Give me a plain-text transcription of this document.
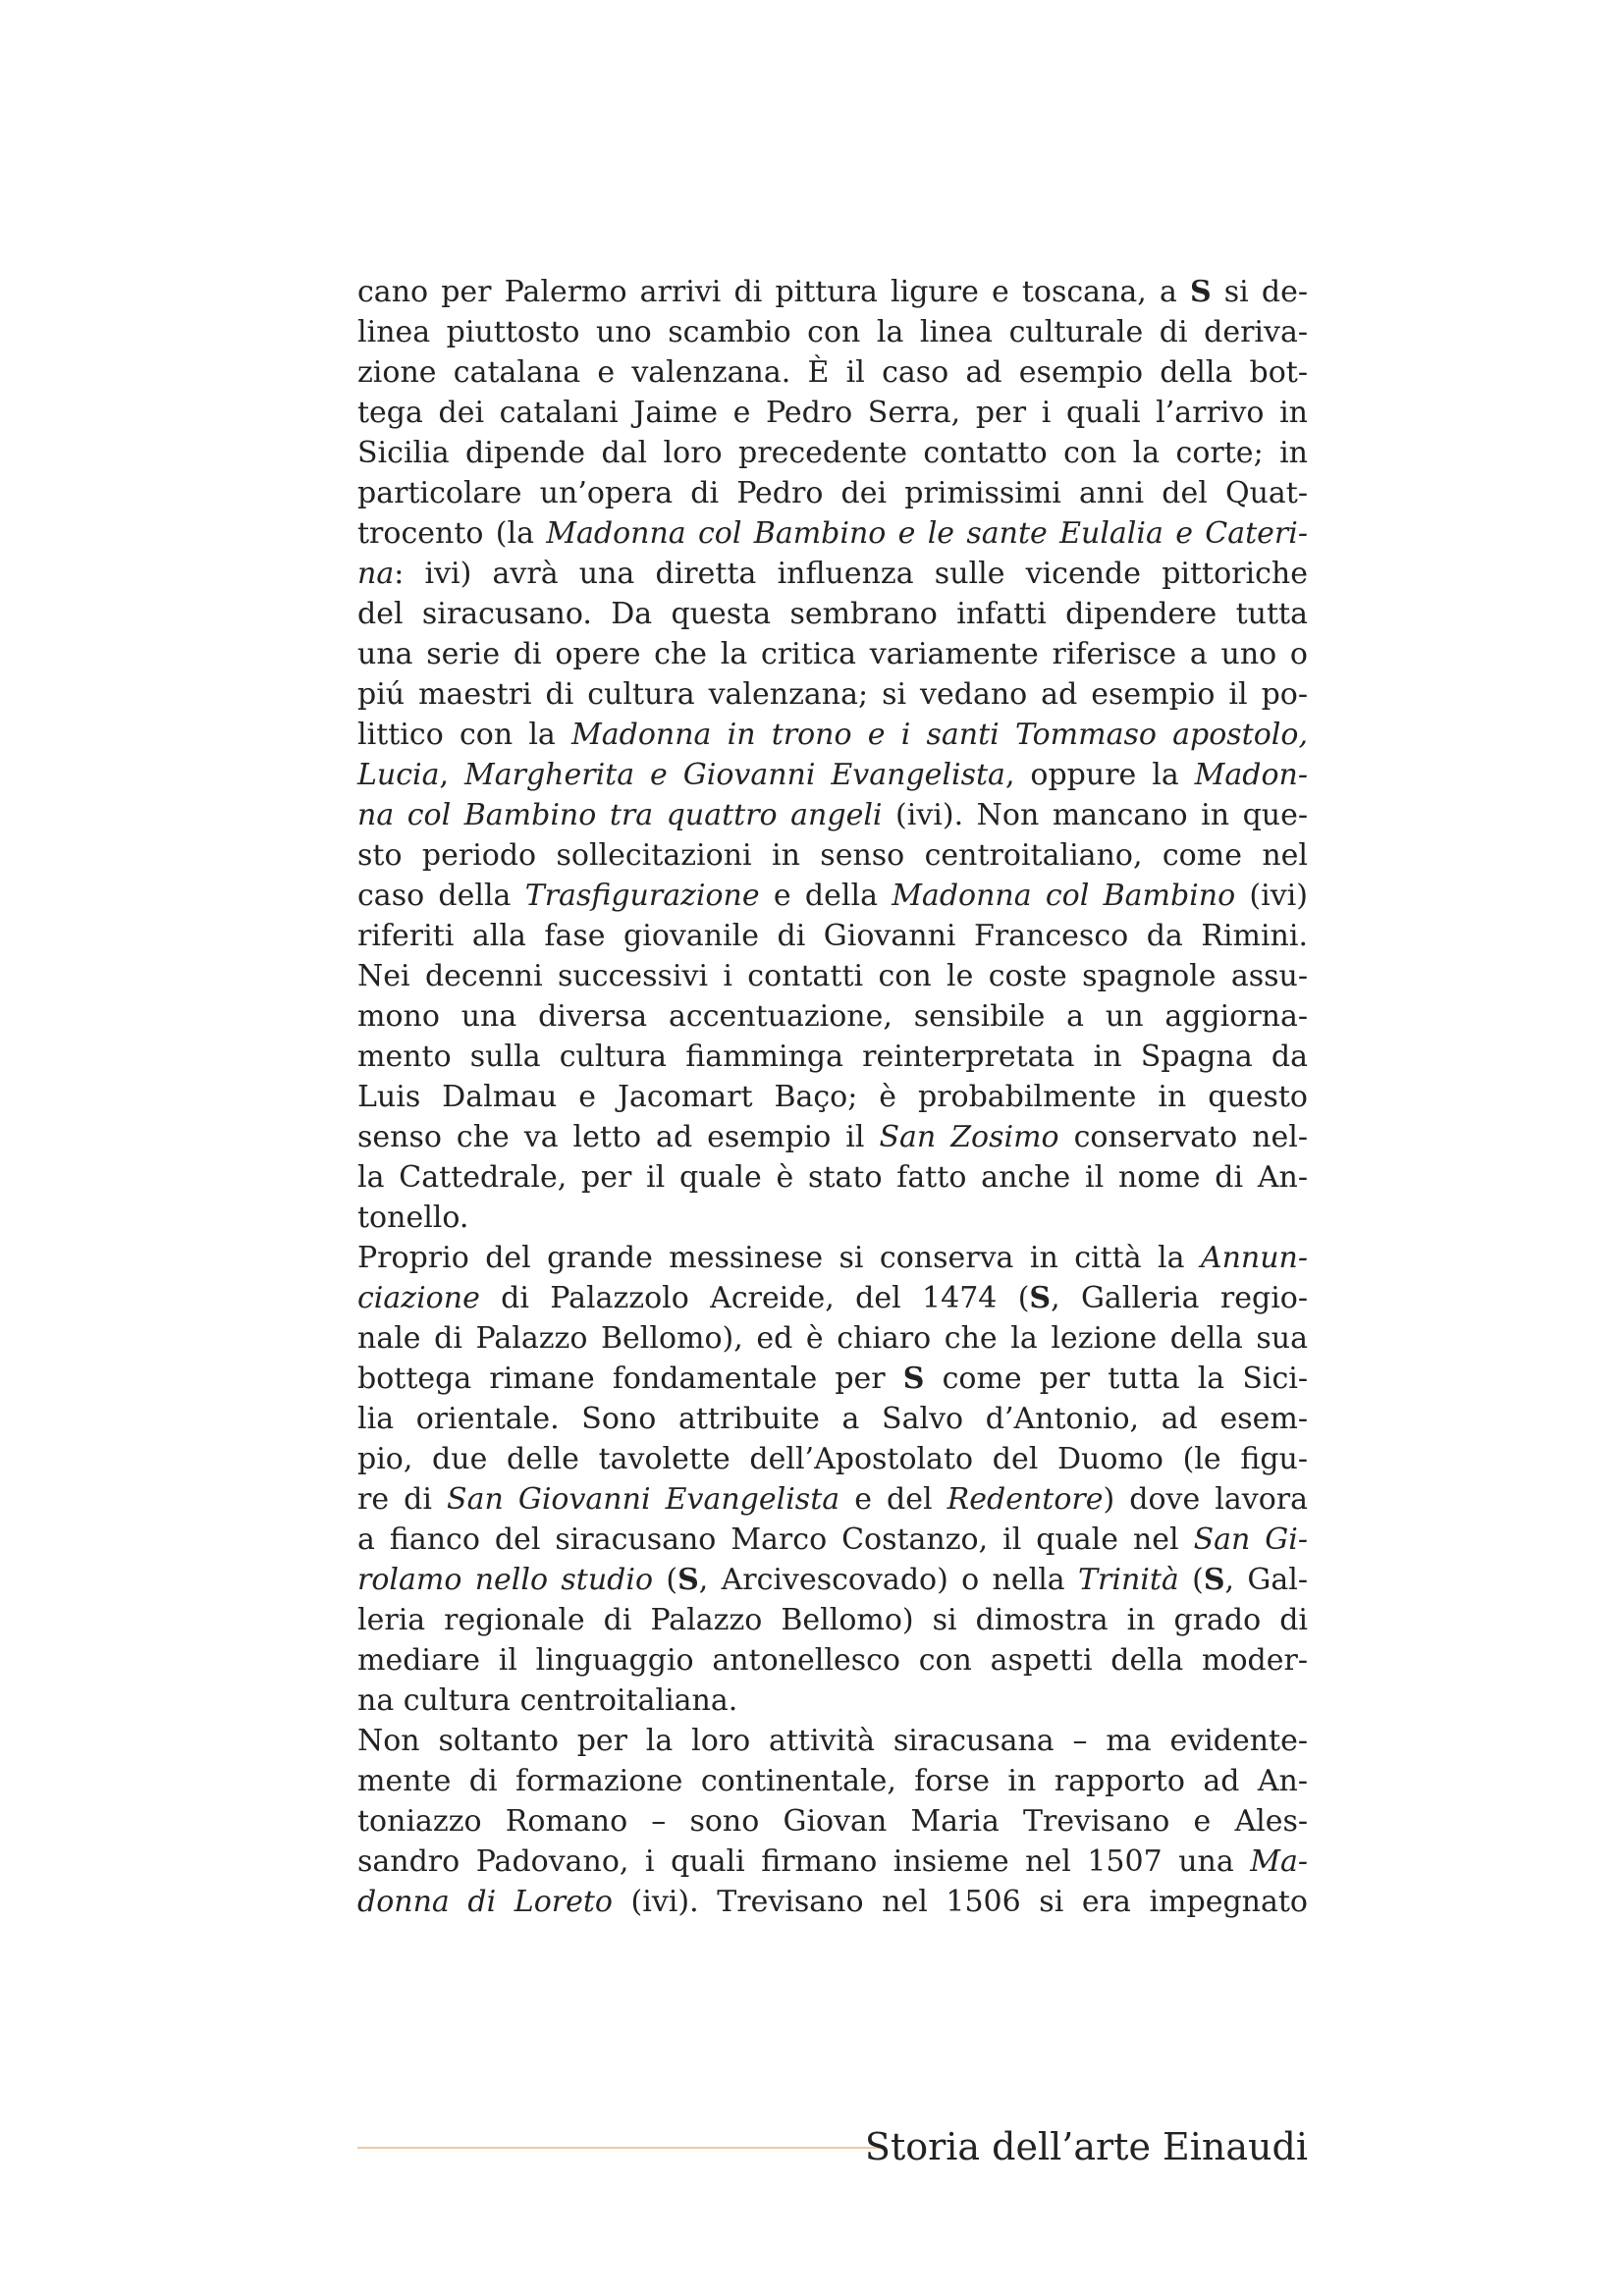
cano per Palermo arrivi di pittura ligure e toscana, a S si de-
linea piuttosto uno scambio con la linea culturale di deriva-
zione catalana e valenzana. È il caso ad esempio della bot-
tega dei catalani Jaime e Pedro Serra, per i quali l’arrivo in
Sicilia dipende dal loro precedente contatto con la corte; in
particolare un’opera di Pedro dei primissimi anni del Quat-
trocento (la Madonna col Bambino e le sante Eulalia e Cateri-
na: ivi) avrà una diretta influenza sulle vicende pittoriche
del siracusano. Da questa sembrano infatti dipendere tutta
una serie di opere che la critica variamente riferisce a uno o
piú maestri di cultura valenzana; si vedano ad esempio il po-
littico con la Madonna in trono e i santi Tommaso apostolo,
Lucia, Margherita e Giovanni Evangelista, oppure la Madon-
na col Bambino tra quattro angeli (ivi). Non mancano in que-
sto periodo sollecitazioni in senso centroitaliano, come nel
caso della Trasfigurazione e della Madonna col Bambino (ivi)
riferiti alla fase giovanile di Giovanni Francesco da Rimini.
Nei decenni successivi i contatti con le coste spagnole assu-
mono una diversa accentuazione, sensibile a un aggiorna-
mento sulla cultura fiamminga reinterpretata in Spagna da
Luis Dalmau e Jacomart Baço; è probabilmente in questo
senso che va letto ad esempio il San Zosimo conservato nel-
la Cattedrale, per il quale è stato fatto anche il nome di An-
tonello.
Proprio del grande messinese si conserva in città la Annun-
ciazione di Palazzolo Acreide, del 1474 (S, Galleria regio-
nale di Palazzo Bellomo), ed è chiaro che la lezione della sua
bottega rimane fondamentale per S come per tutta la Sici-
lia orientale. Sono attribuite a Salvo d’Antonio, ad esem-
pio, due delle tavolette dell’Apostolato del Duomo (le figu-
re di San Giovanni Evangelista e del Redentore) dove lavora
a fianco del siracusano Marco Costanzo, il quale nel San Gi-
rolamo nello studio (S, Arcivescovado) o nella Trinità (S, Gal-
leria regionale di Palazzo Bellomo) si dimostra in grado di
mediare il linguaggio antonellesco con aspetti della moder-
na cultura centroitaliana.
Non soltanto per la loro attività siracusana – ma evidente-
mente di formazione continentale, forse in rapporto ad An-
toniazzo Romano – sono Giovan Maria Trevisano e Ales-
sandro Padovano, i quali firmano insieme nel 1507 una Ma-
donna di Loreto (ivi). Trevisano nel 1506 si era impegnato
Storia dell’arte Einaudi
